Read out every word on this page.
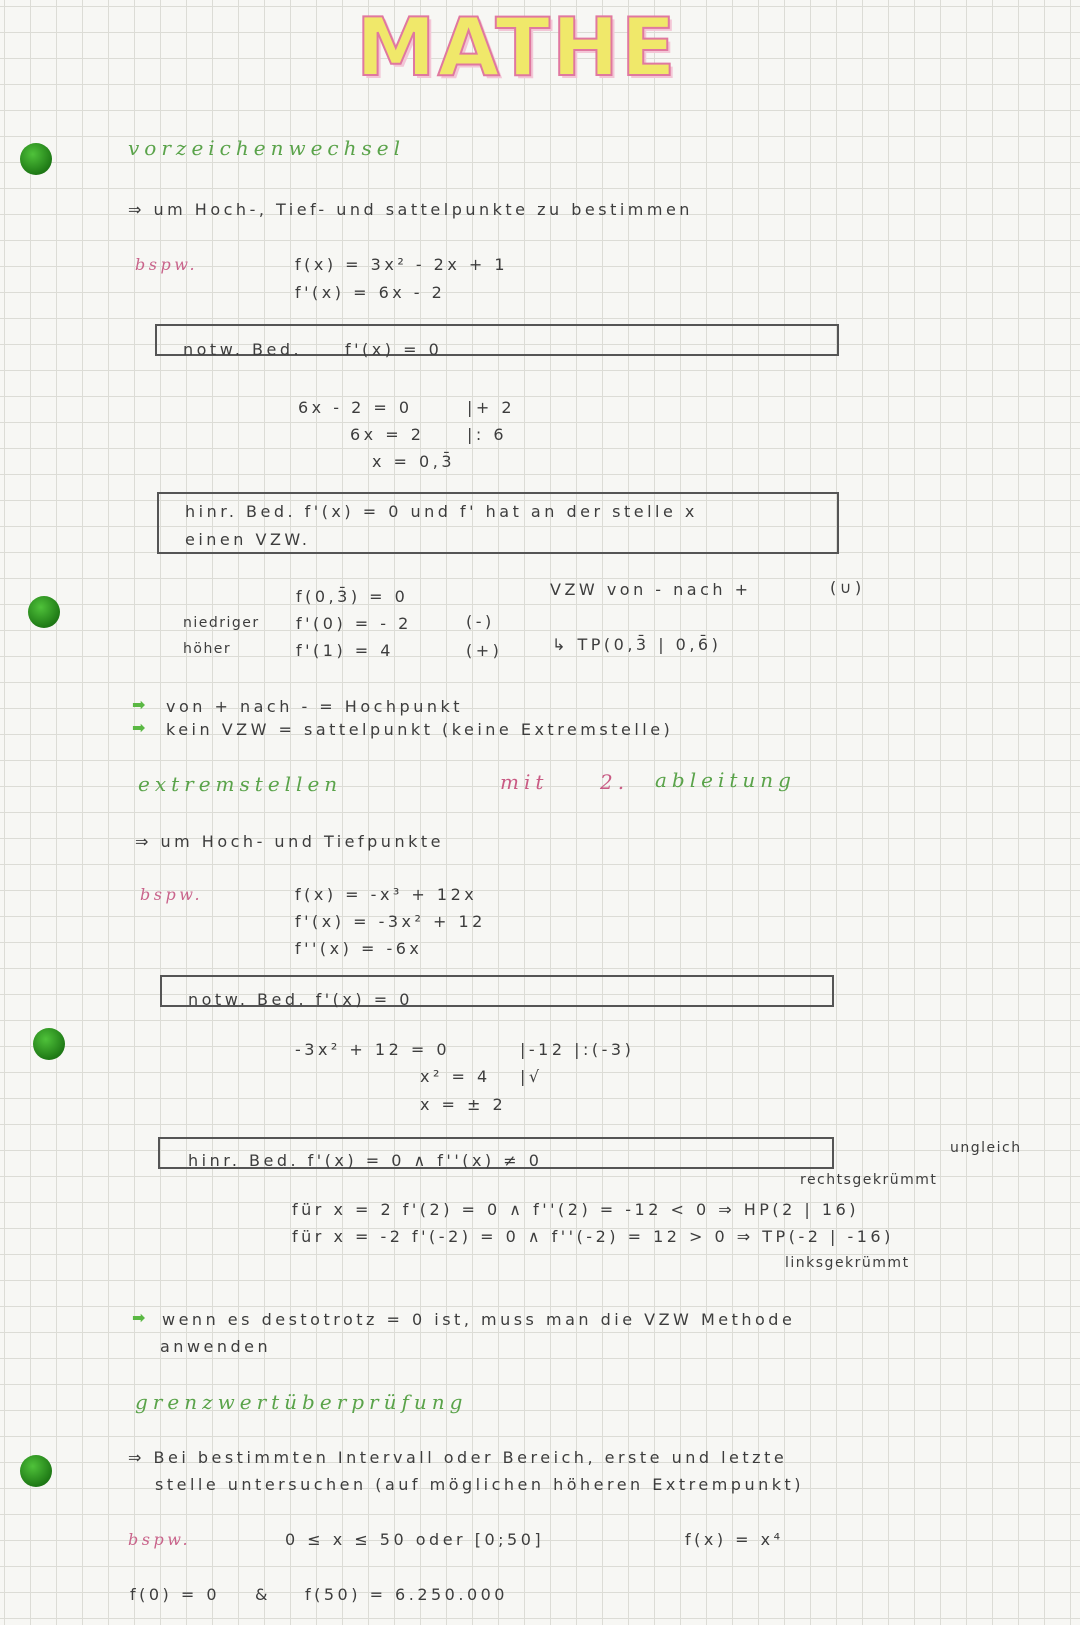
MATHE
vorzeichenwechsel
⇒ um Hoch-, Tief- und sattelpunkte zu bestimmen
bspw.	f(x) = 3x² - 2x + 1
f'(x) = 6x - 2
notw. Bed.	f'(x) = 0
6x - 2 = 0	|+ 2
6x = 2	|: 6
x = 0,3̄
hinr. Bed. f'(x) = 0 und f' hat an der stelle x
einen VZW.
f(0,3̄) = 0
niedriger f'(0) = - 2	(-)
höher	f'(1) = 4	(+)
VZW von - nach +	(∪)
↳ TP(0,3̄ | 0,6̄)
➡ von + nach - = Hochpunkt
➡ kein VZW = sattelpunkt (keine Extremstelle)
extremstellen	mit	2. ableitung
⇒ um Hoch- und Tiefpunkte
bspw.	f(x) = -x³ + 12x
f'(x) = -3x² + 12
f''(x) = -6x
notw. Bed. f'(x) = 0
-3x² + 12 = 0	|-12 |:(-3)
x² = 4 |√
x = ± 2
hinr. Bed. f'(x) = 0 ∧ f''(x) ≠ 0
ungleich
rechtsgekrümmt
für x = 2 f'(2) = 0 ∧ f''(2) = -12 < 0 ⇒ HP(2 | 16)
für x = -2 f'(-2) = 0 ∧ f''(-2) = 12 > 0 ⇒ TP(-2 | -16)
linksgekrümmt
➡ wenn es destotrotz = 0 ist, muss man die VZW Methode
anwenden
grenzwertüberprüfung
⇒ Bei bestimmten Intervall oder Bereich, erste und letzte
stelle untersuchen (auf möglichen höheren Extrempunkt)
bspw.	0 ≤ x ≤ 50 oder [0;50]	f(x) = x⁴
f(0) = 0 & f(50) = 6.250.000
